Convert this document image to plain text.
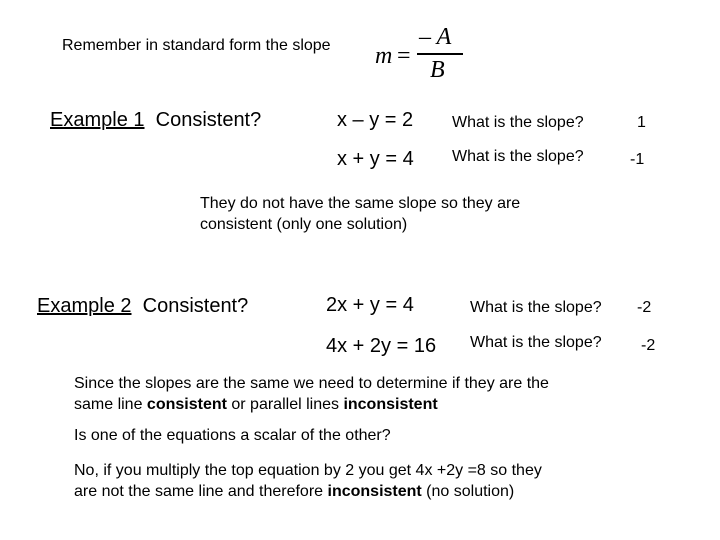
Remember in standard form the slope m =
– A
B
Example 1 Consistent?	x – y = 2
x + y = 4
What is the slope?
What is the slope?
1
-1
They do not have the same slope so they are
consistent (only one solution)
Example 2 Consistent?	2x + y = 4
4x + 2y = 16
What is the slope?
What is the slope?
-2
-2
Since the slopes are the same we need to determine if they are the
same line consistent or parallel lines inconsistent
Is one of the equations a scalar of the other?
No, if you multiply the top equation by 2 you get 4x +2y =8 so they
are not the same line and therefore inconsistent (no solution)
